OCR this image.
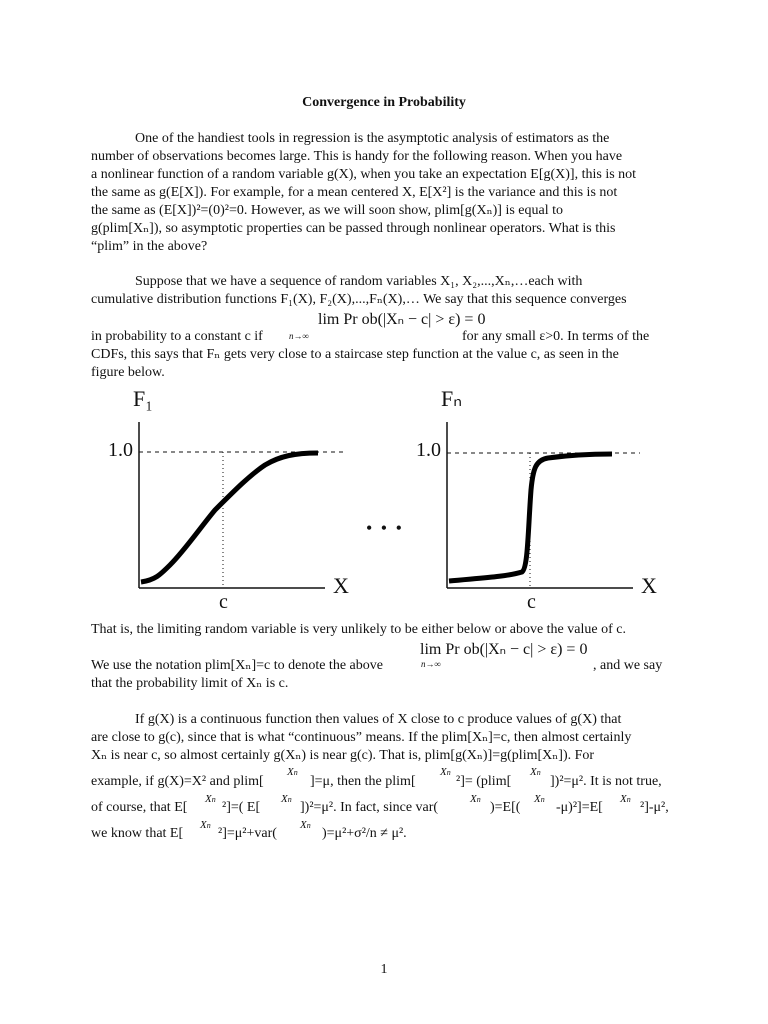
Convergence in Probability
One of the handiest tools in regression is the asymptotic analysis of estimators as the
number of observations becomes large. This is handy for the following reason. When you have
a nonlinear function of a random variable g(X), when you take an expectation E[g(X)], this is not
the same as g(E[X]). For example, for a mean centered X, E[X²] is the variance and this is not
the same as (E[X])²=(0)²=0. However, as we will soon show, plim[g(Xₙ)] is equal to
g(plim[Xₙ]), so asymptotic properties can be passed through nonlinear operators. What is this
“plim” in the above?
Suppose that we have a sequence of random variables X₁, X₂,...,Xₙ,…each with
cumulative distribution functions F₁(X), F₂(X),...,Fₙ(X),… We say that this sequence converges
lim Pr ob(|Xₙ − c| > ε) = 0
n→∞
in probability to a constant c if	for any small ε>0. In terms of the
CDFs, this says that Fₙ gets very close to a staircase step function at the value c, as seen in the
figure below.
F₁	Fₙ
1.0	1.0
X	X
c	c
• • •
That is, the limiting random variable is very unlikely to be either below or above the value of c.
lim Pr ob(|Xₙ − c| > ε) = 0
n→∞
We use the notation plim[Xₙ]=c to denote the above	, and we say
that the probability limit of Xₙ is c.
If g(X) is a continuous function then values of X close to c produce values of g(X) that
are close to g(c), since that is what “continuous” means. If the plim[Xₙ]=c, then almost certainly
Xₙ is near c, so almost certainly g(Xₙ) is near g(c). That is, plim[g(Xₙ)]=g(plim[Xₙ]). For
example, if g(X)=X² and plim[
Xn
]=μ, then the plim[
Xn
²]= (plim[
Xn
])²=μ². It is not true,
of course, that E[
Xn
²]=( E[
Xn
])²=μ². In fact, since var(
Xn
)=E[(
Xn
-μ)²]=E[
Xn
²]-μ²,
we know that E[
Xn
²]=μ²+var(
Xn
)=μ²+σ²/n ≠ μ².
1
